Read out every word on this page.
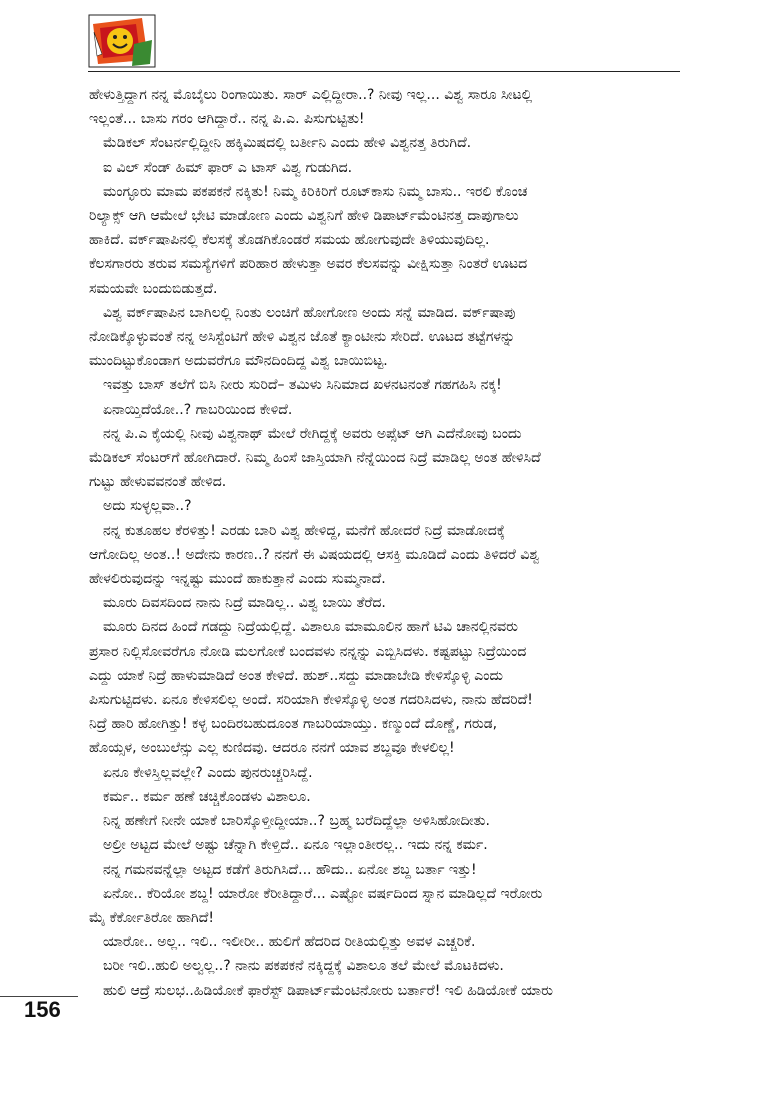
ಹೇಳುತ್ತಿದ್ದಾಗ ನನ್ನ ಮೊಬೈಲು ರಿಂಗಾಯಿತು. ಸಾರ್ ಎಲ್ಲಿದ್ದೀರಾ..? ನೀವು ಇಲ್ಲ... ವಿಶ್ವ ಸಾರೂ ಸೀಟಲ್ಲಿ

ಇಲ್ಲಂತೆ... ಬಾಸು ಗರಂ ಆಗಿದ್ದಾರೆ.. ನನ್ನ ಪಿ.ಎ. ಪಿಸುಗುಟ್ಟಿತು!

ಮೆಡಿಕಲ್ ಸೆಂಟರ್ನಲ್ಲಿದ್ದೀನಿ ಹಕ್ಕಿಮಿಷದಲ್ಲಿ ಬರ್ತೀನಿ ಎಂದು ಹೇಳಿ ವಿಶ್ವನತ್ತ ತಿರುಗಿದೆ.

ಐ ವಿಲ್ ಸೆಂಡ್ ಹಿಮ್ ಫಾರ್ ಎ ಟಾಸ್ ವಿಶ್ವ ಗುಡುಗಿದ.

ಮಂಗ್ಳೂರು ಮಾಮ ಪಕಪಕನೆ ನಕ್ಕಿತು! ನಿಮ್ಮ ಕಿರಿಕಿರಿಗೆ ರೂಟ್‌ಕಾಸು ನಿಮ್ಮ ಬಾಸು.. ಇರಲಿ ಕೊಂಚ

ರಿಲ್ಯಾಕ್ಸ್ ಆಗಿ ಆಮೇಲೆ ಭೇಟಿ ಮಾಡೋಣ ಎಂದು ವಿಶ್ವನಿಗೆ ಹೇಳಿ ಡಿಪಾರ್ಟ್‌ಮೆಂಟಿನತ್ತ ದಾಪುಗಾಲು

ಹಾಕಿದೆ. ವರ್ಕ್‌ಷಾಪಿನಲ್ಲಿ ಕೆಲಸಕ್ಕೆ ತೊಡಗಿಕೊಂಡರೆ ಸಮಯ ಹೋಗುವುದೇ ತಿಳಿಯುವುದಿಲ್ಲ.

ಕೆಲಸಗಾರರು ತರುವ ಸಮಸ್ಯೆಗಳಿಗೆ ಪರಿಹಾರ ಹೇಳುತ್ತಾ ಅವರ ಕೆಲಸವನ್ನು ವೀಕ್ಷಿಸುತ್ತಾ ನಿಂತರೆ ಊಟದ

ಸಮಯವೇ ಬಂದುಬಿಡುತ್ತದೆ.

ವಿಶ್ವ ವರ್ಕ್‌ಷಾಪಿನ ಬಾಗಿಲಲ್ಲಿ ನಿಂತು ಲಂಚಿಗೆ ಹೋಗೋಣ ಅಂದು ಸನ್ನೆ ಮಾಡಿದ. ವರ್ಕ್‌ಷಾಪು

ನೋಡಿಕ್ಕೊಳ್ಳುವಂತೆ ನನ್ನ ಅಸಿಸ್ಟೆಂಟಿಗೆ ಹೇಳಿ ವಿಶ್ವನ ಜೊತೆ ಕ್ಯಾಂಟೀನು ಸೇರಿದೆ. ಊಟದ ತಟ್ಟೆಗಳನ್ನು

ಮುಂದಿಟ್ಟುಕೊಂಡಾಗ ಅದುವರೆಗೂ ಮೌನದಿಂದಿದ್ದ ವಿಶ್ವ ಬಾಯಿಬಿಟ್ಟ.

ಇವತ್ತು ಬಾಸ್ ತಲೆಗೆ ಬಿಸಿ ನೀರು ಸುರಿದೆ– ತಮಿಳು ಸಿನಿಮಾದ ಖಳನಟನಂತೆ ಗಹಗಹಿಸಿ ನಕ್ಕ!

ಏನಾಯ್ತಿದೆಯೋ..? ಗಾಬರಿಯಿಂದ ಕೇಳಿದೆ.

ನನ್ನ ಪಿ.ಎ ಕೈಯಲ್ಲಿ ನೀವು ವಿಶ್ವನಾಥ್ ಮೇಲೆ ರೇಗಿದ್ದಕ್ಕೆ ಅವರು ಅಪ್ಸೆಟ್ ಆಗಿ ಎದೆನೋವು ಬಂದು

ಮೆಡಿಕಲ್ ಸೆಂಟರ್‌ಗೆ ಹೋಗಿದಾರೆ. ನಿಮ್ಮ ಹಿಂಸೆ ಜಾಸ್ತಿಯಾಗಿ ನೆನ್ನೆಯಿಂದ ನಿದ್ರೆ ಮಾಡಿಲ್ಲ ಅಂತ ಹೇಳಿಸಿದೆ

ಗುಟ್ಟು ಹೇಳುವವನಂತೆ ಹೇಳಿದ.

ಅದು ಸುಳ್ಳಲ್ಲವಾ..?

ನನ್ನ ಕುತೂಹಲ ಕೆರಳಿತ್ತು! ಎರಡು ಬಾರಿ ವಿಶ್ವ ಹೇಳಿದ್ದ, ಮನೆಗೆ ಹೋದರೆ ನಿದ್ರೆ ಮಾಡೋದಕ್ಕೆ

ಆಗೋದಿಲ್ಲ ಅಂತ..! ಅದೇನು ಕಾರಣ..? ನನಗೆ ಈ ವಿಷಯದಲ್ಲಿ ಆಸಕ್ತಿ ಮೂಡಿದೆ ಎಂದು ತಿಳಿದರೆ ವಿಶ್ವ

ಹೇಳಲಿರುವುದನ್ನು ಇನ್ನಷ್ಟು ಮುಂದೆ ಹಾಕುತ್ತಾನೆ ಎಂದು ಸುಮ್ಮನಾದೆ.

ಮೂರು ದಿವಸದಿಂದ ನಾನು ನಿದ್ರೆ ಮಾಡಿಲ್ಲ.. ವಿಶ್ವ ಬಾಯಿ ತೆರೆದ.

ಮೂರು ದಿನದ ಹಿಂದೆ ಗಡದ್ದು ನಿದ್ರೆಯಲ್ಲಿದ್ದೆ. ವಿಶಾಲೂ ಮಾಮೂಲಿನ ಹಾಗೆ ಟಿವಿ ಚಾನಲ್ಲಿನವರು

ಪ್ರಸಾರ ನಿಲ್ಲಿಸೋವರೆಗೂ ನೋಡಿ ಮಲಗೋಕೆ ಬಂದವಳು ನನ್ನನ್ನು ಎಬ್ಬಿಸಿದಳು. ಕಷ್ಟಪಟ್ಟು ನಿದ್ರೆಯಿಂದ

ಎದ್ದು ಯಾಕೆ ನಿದ್ರೆ ಹಾಳುಮಾಡಿದೆ ಅಂತ ಕೇಳಿದೆ. ಹುಶ್..ಸದ್ದು ಮಾಡಾಬೇಡಿ ಕೇಳಿಸ್ಕೊಳ್ಳಿ ಎಂದು

ಪಿಸುಗುಟ್ಟಿದಳು. ಏನೂ ಕೇಳಿಸಲಿಲ್ಲ ಅಂದೆ. ಸರಿಯಾಗಿ ಕೇಳಿಸ್ಕೊಳ್ಳಿ ಅಂತ ಗದರಿಸಿದಳು, ನಾನು ಹೆದರಿದೆ!

ನಿದ್ರೆ ಹಾರಿ ಹೋಗಿತ್ತು! ಕಳ್ಳ ಬಂದಿರಬಹುದೂಂತ ಗಾಬರಿಯಾಯ್ತು. ಕಣ್ಮುಂದೆ ದೊಣ್ಣೆ, ಗರುಡ,

ಹೊಯ್ಸಳ, ಅಂಬುಲೆನ್ಸು ಎಲ್ಲ ಕುಣಿದವು. ಆದರೂ ನನಗೆ ಯಾವ ಶಬ್ದವೂ ಕೇಳಲಿಲ್ಲ!

ಏನೂ ಕೇಳಿಸ್ತಿಲ್ಲವಲ್ಲೇ? ಎಂದು ಪುನರುಚ್ಚರಿಸಿದ್ದೆ.

ಕರ್ಮ.. ಕರ್ಮ ಹಣೆ ಚಚ್ಚಿಕೊಂಡಳು ವಿಶಾಲೂ.

ನಿನ್ನ ಹಣೇಗೆ ನೀನೇ ಯಾಕೆ ಬಾರಿಸ್ಕೊಳ್ತೀದ್ದೀಯಾ..? ಬ್ರಹ್ಮ ಬರೆದಿದ್ದೆಲ್ಲಾ ಅಳಿಸಿಹೋದೀತು.

ಅಲ್ರೀ ಅಟ್ಟದ ಮೇಲೆ ಅಷ್ಟು ಚೆನ್ನಾಗಿ ಕೇಳ್ತಿದೆ.. ಏನೂ ಇಲ್ಲಾಂತೀರಲ್ಲ.. ಇದು ನನ್ನ ಕರ್ಮ.

ನನ್ನ ಗಮನವನ್ನೆಲ್ಲಾ ಅಟ್ಟದ ಕಡೆಗೆ ತಿರುಗಿಸಿದೆ... ಹೌದು.. ಏನೋ ಶಬ್ದ ಬರ್ತಾ ಇತ್ತು!

ಏನೋ.. ಕೆರಿಯೋ ಶಬ್ದ! ಯಾರೋ ಕೆರೀತಿದ್ದಾರೆ... ಎಷ್ಟೋ ವರ್ಷದಿಂದ ಸ್ನಾನ ಮಾಡಿಲ್ಲದೆ ಇರೋರು

ಮೈ ಕೆರ್ಕೋತಿರೋ ಹಾಗಿದೆ!

ಯಾರೋ.. ಅಲ್ಲ.. ಇಲಿ.. ಇಲೀರೀ.. ಹುಲಿಗೆ ಹೆದರಿದ ರೀತಿಯಲ್ಲಿತ್ತು ಅವಳ ಎಚ್ಚರಿಕೆ.

ಬರೀ ಇಲಿ..ಹುಲಿ ಅಲ್ವಲ್ಲ..? ನಾನು ಪಕಪಕನೆ ನಕ್ಕಿದ್ದಕ್ಕೆ ವಿಶಾಲೂ ತಲೆ ಮೇಲೆ ಮೊಟಕಿದಳು.

ಹುಲಿ ಆದ್ರೆ ಸುಲಭ..ಹಿಡಿಯೋಕೆ ಫಾರೆಸ್ಟ್ ಡಿಪಾರ್ಟ್‌ಮೆಂಟಿನೋರು ಬರ್ತಾರೆ! ಇಲಿ ಹಿಡಿಯೋಕೆ ಯಾರು

156
